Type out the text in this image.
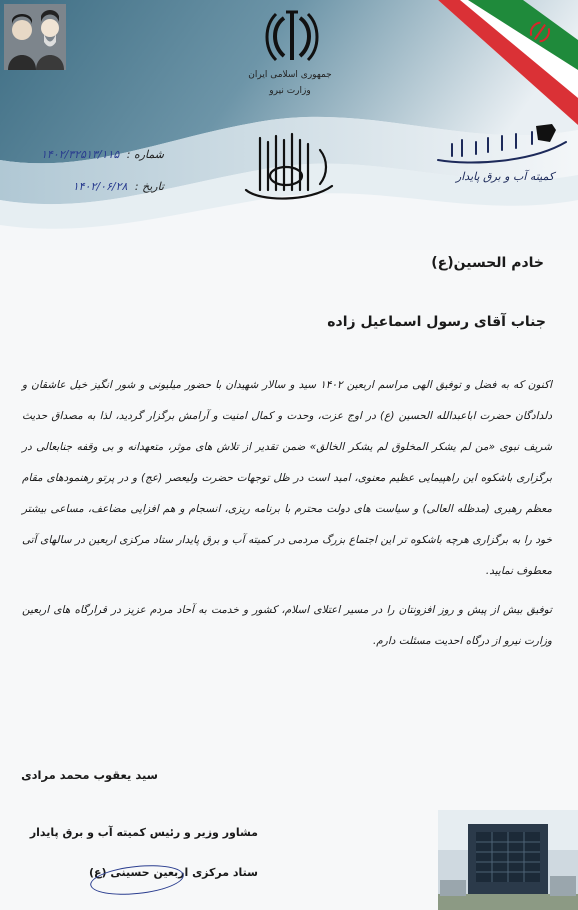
جمهوری اسلامی ایران
وزارت نیرو
شماره : ۱۴۰۲/۳۲۵۱۳/۱۱۵
تاریخ : ۱۴۰۲/۰۶/۲۸
کمیته آب و برق پایدار
خادم الحسین(ع)
جناب آقای رسول اسماعیل زاده

اکنون که به فضل و توفیق الهی مراسم اربعین ۱۴۰۲ سید و سالار شهیدان با حضور میلیونی و شور انگیز خیل عاشقان و دلدادگان حضرت اباعبدالله الحسین (ع) در اوج عزت، وحدت و کمال امنیت و آرامش برگزار گردید، لذا به مصداق حدیث شریف نبوی «من لم یشکر المخلوق لم یشکر الخالق» ضمن تقدیر از تلاش های موثر، متعهدانه و بی وقفه جنابعالی در برگزاری باشکوه این راهپیمایی عظیم معنوی، امید است در ظل توجهات حضرت ولیعصر (عج) و در پرتو رهنمودهای مقام معظم رهبری (مدظله العالی) و سیاست های دولت محترم با برنامه ریزی، انسجام و هم افزایی مضاعف، مساعی بیشتر خود را به برگزاری هرچه باشکوه تر این اجتماع بزرگ مردمی در کمیته آب و برق پایدار ستاد مرکزی اربعین در سالهای آتی معطوف نمایید.

توفیق بیش از پیش و روز افزونتان را در مسیر اعتلای اسلام، کشور و خدمت به آحاد مردم عزیز در قرارگاه های اربعین وزارت نیرو از درگاه احدیت مسئلت دارم.

سید یعقوب محمد مرادی
مشاور وزیر و رئیس کمیته آب و برق پایدار
ستاد مرکزی اربعین حسینی (ع)
